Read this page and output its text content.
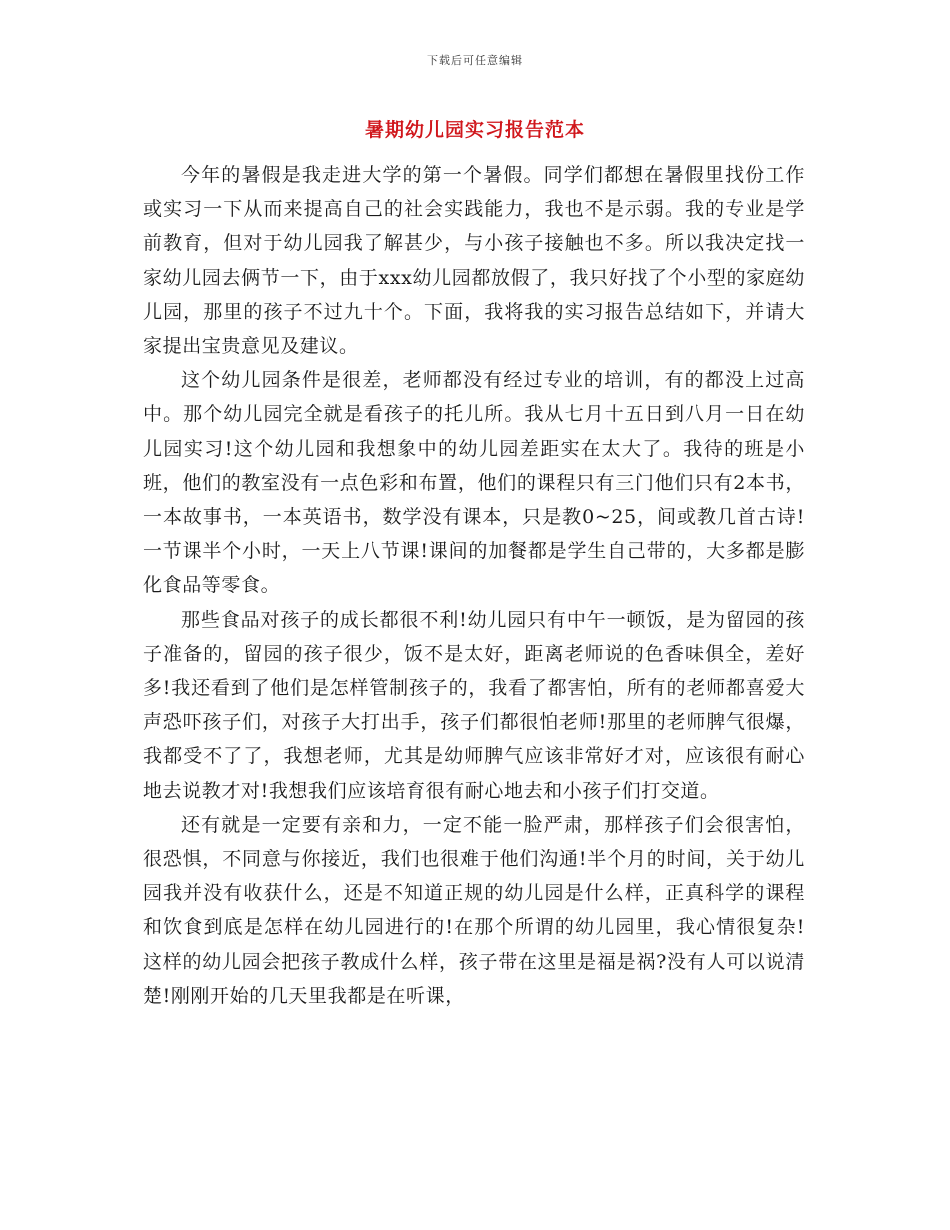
下载后可任意编辑
暑期幼儿园实习报告范本

今年的暑假是我走进大学的第一个暑假。同学们都想在暑假里找份工作或实习一下从而来提高自己的社会实践能力，我也不是示弱。我的专业是学前教育，但对于幼儿园我了解甚少，与小孩子接触也不多。所以我决定找一家幼儿园去俩节一下，由于xxx幼儿园都放假了，我只好找了个小型的家庭幼儿园，那里的孩子不过九十个。下面，我将我的实习报告总结如下，并请大家提出宝贵意见及建议。

这个幼儿园条件是很差，老师都没有经过专业的培训，有的都没上过高中。那个幼儿园完全就是看孩子的托儿所。我从七月十五日到八月一日在幼儿园实习!这个幼儿园和我想象中的幼儿园差距实在太大了。我待的班是小班，他们的教室没有一点色彩和布置，他们的课程只有三门他们只有2本书，一本故事书，一本英语书，数学没有课本，只是教0~25，间或教几首古诗!一节课半个小时，一天上八节课!课间的加餐都是学生自己带的，大多都是膨化食品等零食。

那些食品对孩子的成长都很不利!幼儿园只有中午一顿饭，是为留园的孩子准备的，留园的孩子很少，饭不是太好，距离老师说的色香味俱全，差好多!我还看到了他们是怎样管制孩子的，我看了都害怕，所有的老师都喜爱大声恐吓孩子们，对孩子大打出手，孩子们都很怕老师!那里的老师脾气很爆，我都受不了了，我想老师，尤其是幼师脾气应该非常好才对，应该很有耐心地去说教才对!我想我们应该培育很有耐心地去和小孩子们打交道。

还有就是一定要有亲和力，一定不能一脸严肃，那样孩子们会很害怕，很恐惧，不同意与你接近，我们也很难于他们沟通!半个月的时间，关于幼儿园我并没有收获什么，还是不知道正规的幼儿园是什么样，正真科学的课程和饮食到底是怎样在幼儿园进行的!在那个所谓的幼儿园里，我心情很复杂!这样的幼儿园会把孩子教成什么样，孩子带在这里是福是祸?没有人可以说清楚!刚刚开始的几天里我都是在听课，
